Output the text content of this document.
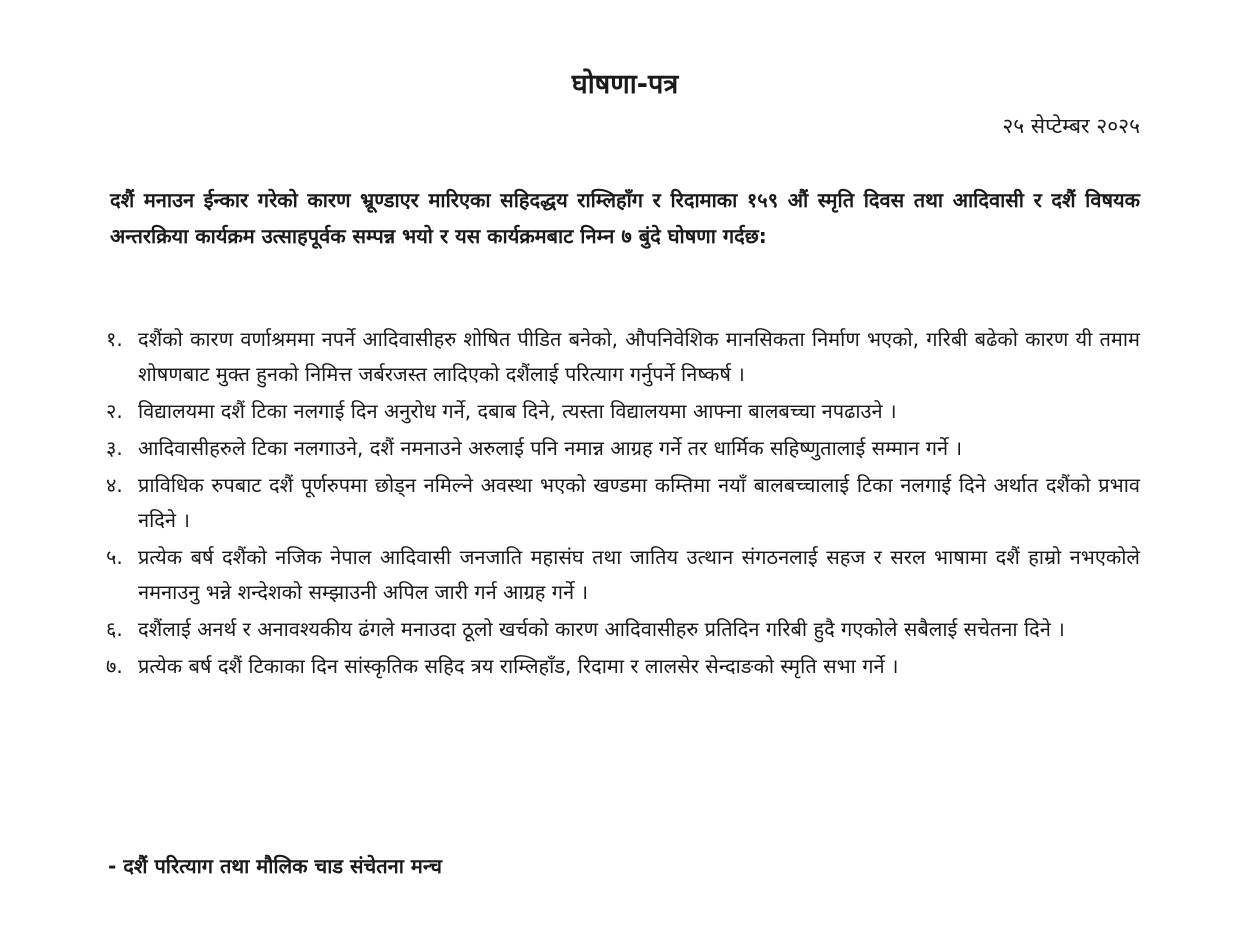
घोषणा-पत्र
२५ सेप्टेम्बर २०२५
दशैं मनाउन ईन्कार गरेको कारण भ्रूण्डाएर मारिएका सहिदद्धय राम्लिहाँग र रिदामाका १५९ औं स्मृति दिवस तथा आदिवासी र दशैं विषयक अन्तरक्रिया कार्यक्रम उत्साहपूर्वक सम्पन्न भयो र यस कार्यक्रमबाट निम्न ७ बुंदे घोषणा गर्दछ:
१. दशैंको कारण वर्णाश्रममा नपर्ने आदिवासीहरु शोषित पीडित बनेको, औपनिवेशिक मानसिकता निर्माण भएको, गरिबी बढेको कारण यी तमाम शोषणबाट मुक्त हुनको निमित्त जर्बरजस्त लादिएको दशैंलाई परित्याग गर्नुपर्ने निष्कर्ष ।
२. विद्यालयमा दशैं टिका नलगाई दिन अनुरोध गर्ने, दबाब दिने, त्यस्ता विद्यालयमा आफ्ना बालबच्चा नपढाउने ।
३. आदिवासीहरुले टिका नलगाउने, दशैं नमनाउने अरुलाई पनि नमान्न आग्रह गर्ने तर धार्मिक सहिष्णुतालाई सम्मान गर्ने ।
४. प्राविधिक रुपबाट दशैं पूर्णरुपमा छोड्न नमिल्ने अवस्था भएको खण्डमा कम्तिमा नयाँ बालबच्चालाई टिका नलगाई दिने अर्थात दशैंको प्रभाव नदिने ।
५. प्रत्येक बर्ष दशैंको नजिक नेपाल आदिवासी जनजाति महासंघ तथा जातिय उत्थान संगठनलाई सहज र सरल भाषामा दशैं हाम्रो नभएकोले नमनाउनु भन्ने शन्देशको सम्झाउनी अपिल जारी गर्न आग्रह गर्ने ।
६. दशैंलाई अनर्थ र अनावश्यकीय ढंगले मनाउदा ठूलो खर्चको कारण आदिवासीहरु प्रतिदिन गरिबी हुदै गएकोले सबैलाई सचेतना दिने ।
७. प्रत्येक बर्ष दशैं टिकाका दिन सांस्कृतिक सहिद त्रय राम्लिहाँड, रिदामा र लालसेर सेन्दाङको स्मृति सभा गर्ने ।
- दशैं परित्याग तथा मौलिक चाड संचेतना मन्च
